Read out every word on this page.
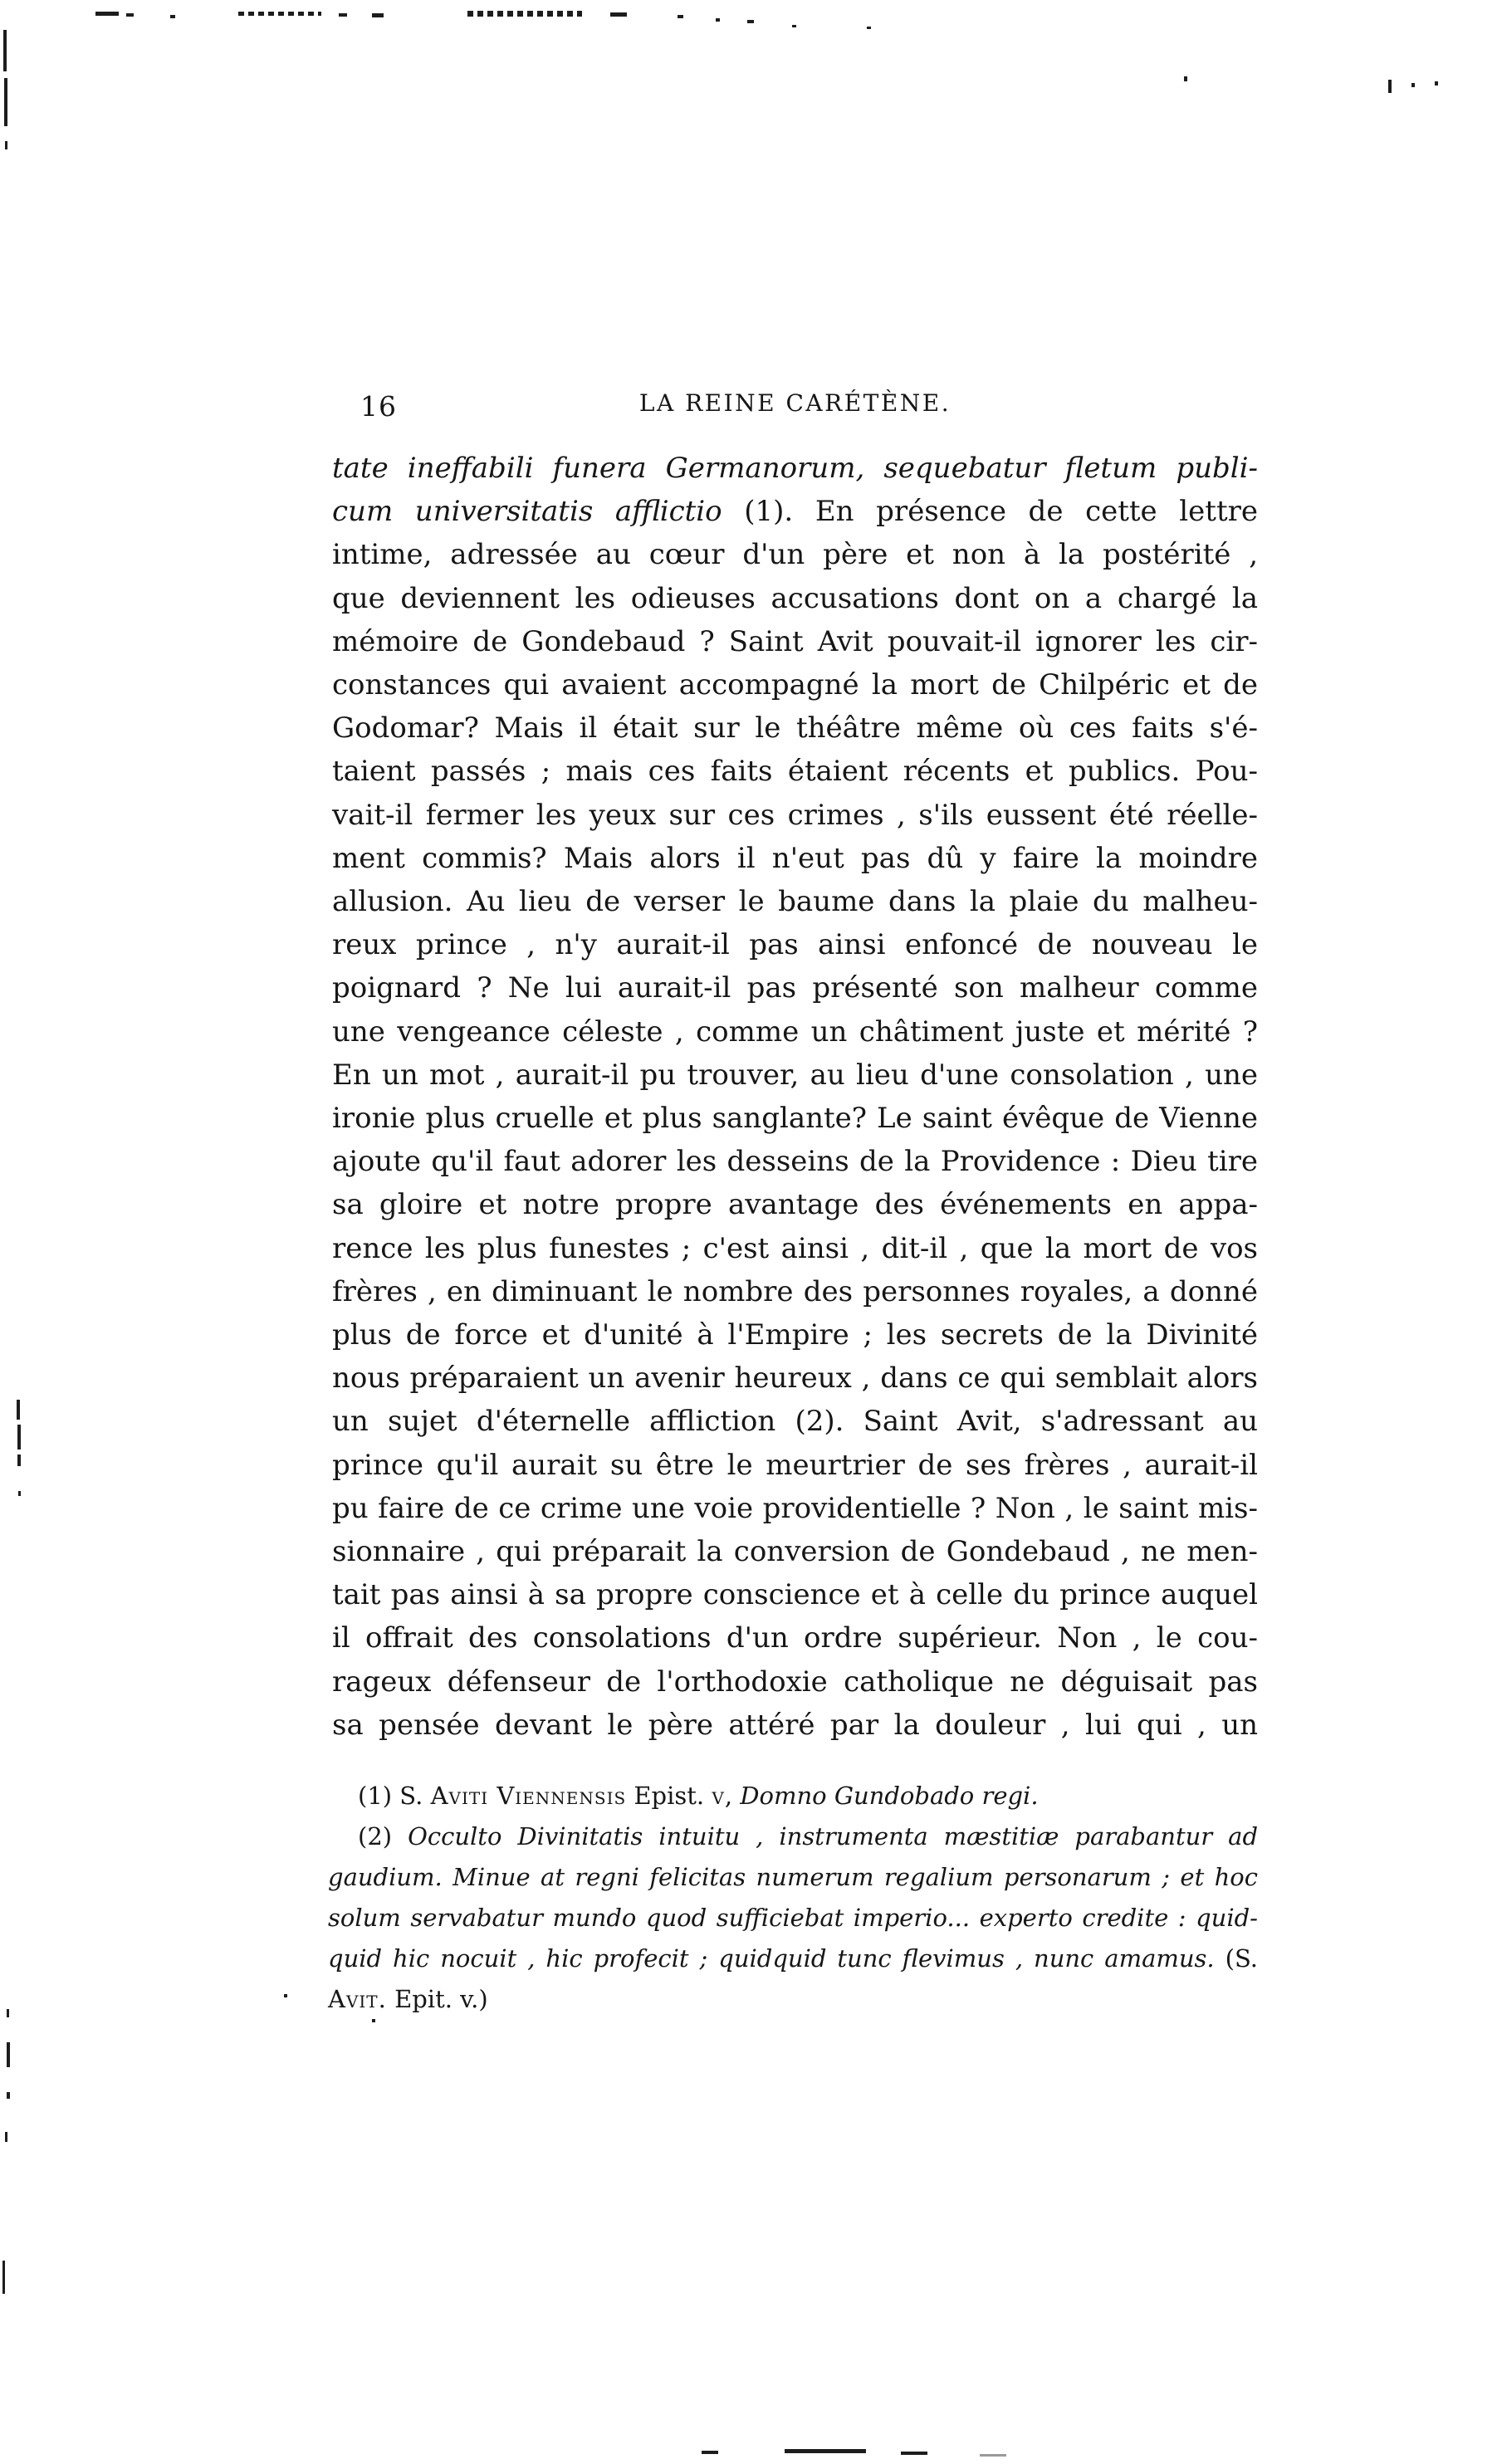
16	LA REINE CARÉTÈNE.
tate ineffabili funera Germanorum, sequebatur fletum publi-
cum universitatis afflictio (1). En présence de cette lettre
intime, adressée au cœur d'un père et non à la postérité ,
que deviennent les odieuses accusations dont on a chargé la
mémoire de Gondebaud ? Saint Avit pouvait-il ignorer les cir-
constances qui avaient accompagné la mort de Chilpéric et de
Godomar? Mais il était sur le théâtre même où ces faits s'é-
taient passés ; mais ces faits étaient récents et publics. Pou-
vait-il fermer les yeux sur ces crimes , s'ils eussent été réelle-
ment commis? Mais alors il n'eut pas dû y faire la moindre
allusion. Au lieu de verser le baume dans la plaie du malheu-
reux prince , n'y aurait-il pas ainsi enfoncé de nouveau le
poignard ? Ne lui aurait-il pas présenté son malheur comme
une vengeance céleste , comme un châtiment juste et mérité ?
En un mot , aurait-il pu trouver, au lieu d'une consolation , une
ironie plus cruelle et plus sanglante? Le saint évêque de Vienne
ajoute qu'il faut adorer les desseins de la Providence : Dieu tire
sa gloire et notre propre avantage des événements en appa-
rence les plus funestes ; c'est ainsi , dit-il , que la mort de vos
frères , en diminuant le nombre des personnes royales, a donné
plus de force et d'unité à l'Empire ; les secrets de la Divinité
nous préparaient un avenir heureux , dans ce qui semblait alors
un sujet d'éternelle affliction (2). Saint Avit, s'adressant au
prince qu'il aurait su être le meurtrier de ses frères , aurait-il
pu faire de ce crime une voie providentielle ? Non , le saint mis-
sionnaire , qui préparait la conversion de Gondebaud , ne men-
tait pas ainsi à sa propre conscience et à celle du prince auquel
il offrait des consolations d'un ordre supérieur. Non , le cou-
rageux défenseur de l'orthodoxie catholique ne déguisait pas
sa pensée devant le père attéré par la douleur , lui qui , un
(1) S. Aviti Viennensis Epist. v, Domno Gundobado regi.
(2) Occulto Divinitatis intuitu , instrumenta mæstitiæ parabantur ad
gaudium. Minue at regni felicitas numerum regalium personarum ; et hoc
solum servabatur mundo quod sufficiebat imperio... experto credite : quid-
quid hic nocuit , hic profecit ; quidquid tunc flevimus , nunc amamus. (S.
Avit. Epit. v.)
